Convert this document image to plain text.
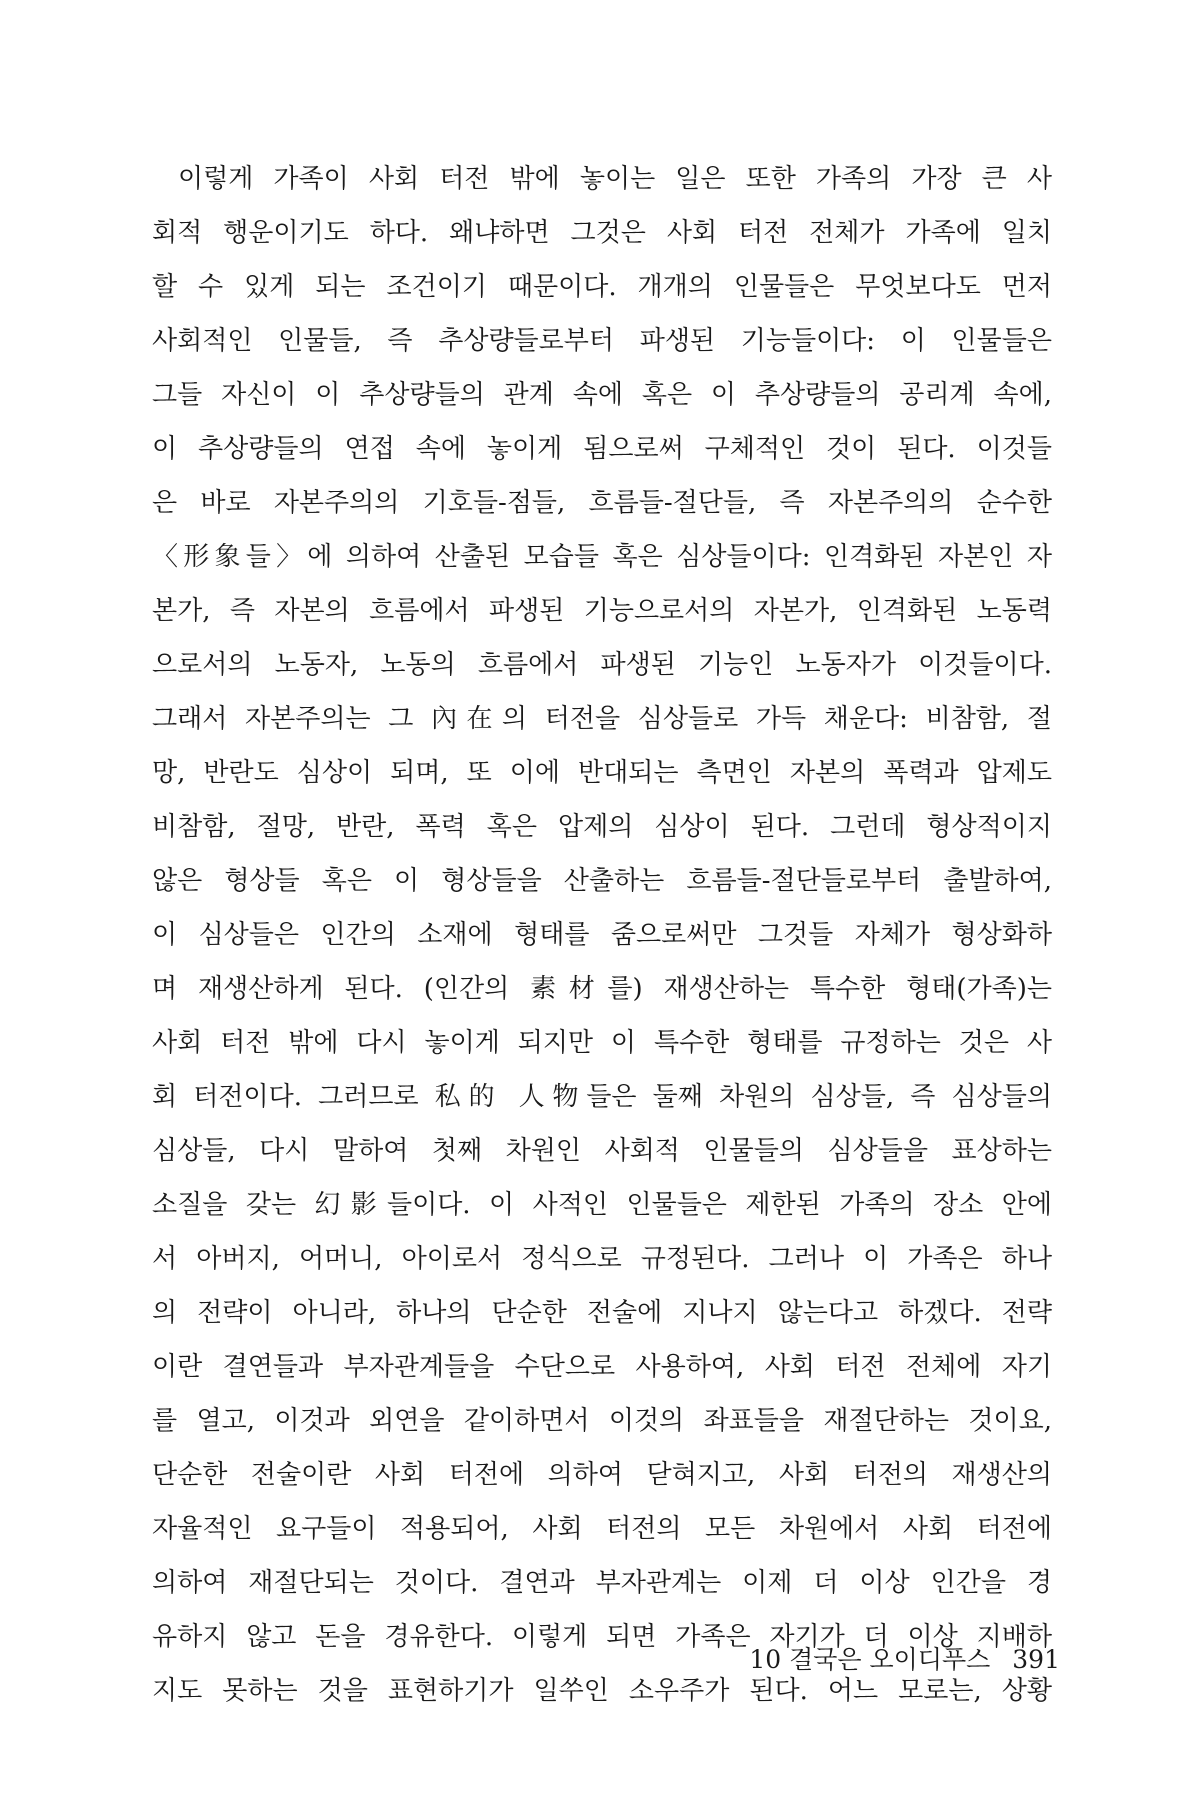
이렇게 가족이 사회 터전 밖에 놓이는 일은 또한 가족의 가장 큰 사
회적 행운이기도 하다. 왜냐하면 그것은 사회 터전 전체가 가족에 일치
할 수 있게 되는 조건이기 때문이다. 개개의 인물들은 무엇보다도 먼저
사회적인 인물들, 즉 추상량들로부터 파생된 기능들이다: 이 인물들은
그들 자신이 이 추상량들의 관계 속에 혹은 이 추상량들의 공리계 속에,
이 추상량들의 연접 속에 놓이게 됨으로써 구체적인 것이 된다. 이것들
은 바로 자본주의의 기호들-점들, 흐름들-절단들, 즉 자본주의의 순수한
〈形象들〉에 의하여 산출된 모습들 혹은 심상들이다: 인격화된 자본인 자
본가, 즉 자본의 흐름에서 파생된 기능으로서의 자본가, 인격화된 노동력
으로서의 노동자, 노동의 흐름에서 파생된 기능인 노동자가 이것들이다.
그래서 자본주의는 그 內在의 터전을 심상들로 가득 채운다: 비참함, 절
망, 반란도 심상이 되며, 또 이에 반대되는 측면인 자본의 폭력과 압제도
비참함, 절망, 반란, 폭력 혹은 압제의 심상이 된다. 그런데 형상적이지
않은 형상들 혹은 이 형상들을 산출하는 흐름들-절단들로부터 출발하여,
이 심상들은 인간의 소재에 형태를 줌으로써만 그것들 자체가 형상화하
며 재생산하게 된다. (인간의 素材를) 재생산하는 특수한 형태(가족)는
사회 터전 밖에 다시 놓이게 되지만 이 특수한 형태를 규정하는 것은 사
회 터전이다. 그러므로 私的 人物들은 둘째 차원의 심상들, 즉 심상들의
심상들, 다시 말하여 첫째 차원인 사회적 인물들의 심상들을 표상하는
소질을 갖는 幻影들이다. 이 사적인 인물들은 제한된 가족의 장소 안에
서 아버지, 어머니, 아이로서 정식으로 규정된다. 그러나 이 가족은 하나
의 전략이 아니라, 하나의 단순한 전술에 지나지 않는다고 하겠다. 전략
이란 결연들과 부자관계들을 수단으로 사용하여, 사회 터전 전체에 자기
를 열고, 이것과 외연을 같이하면서 이것의 좌표들을 재절단하는 것이요,
단순한 전술이란 사회 터전에 의하여 닫혀지고, 사회 터전의 재생산의
자율적인 요구들이 적용되어, 사회 터전의 모든 차원에서 사회 터전에
의하여 재절단되는 것이다. 결연과 부자관계는 이제 더 이상 인간을 경
유하지 않고 돈을 경유한다. 이렇게 되면 가족은 자기가 더 이상 지배하
지도 못하는 것을 표현하기가 일쑤인 소우주가 된다. 어느 모로는, 상황
10 결국은 오이디푸스 391
